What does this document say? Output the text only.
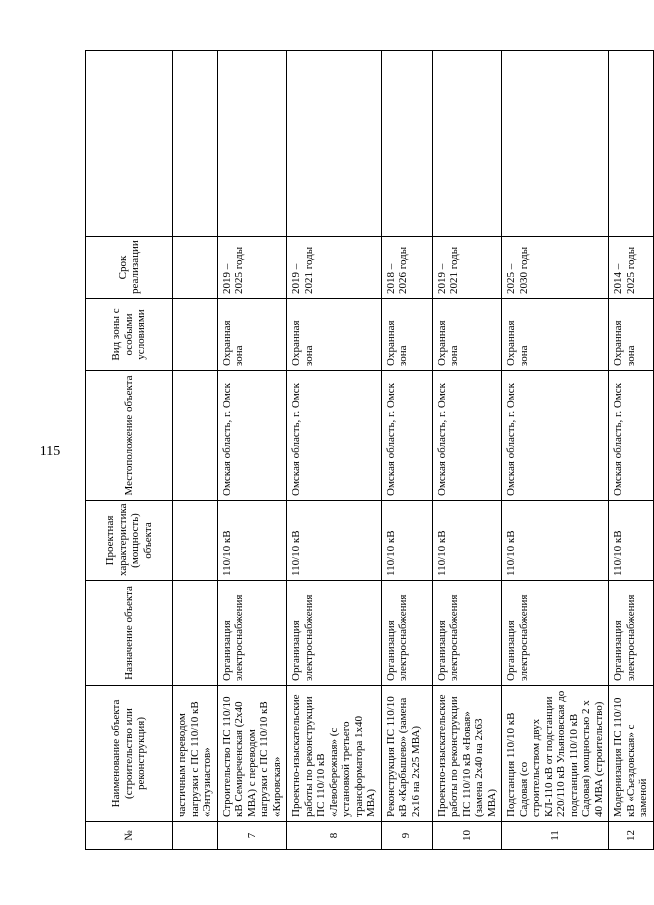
115
№	Наименование объекта (строительство или реконструкция)	Назначение объекта	Проектная характеристика (мощность) объекта	Местоположение объекта	Вид зоны с особыми условиями	Срок реализации	
	частичным переводом нагрузки с ПС 110/10 кВ «Энтузиастов»						
7	Строительство ПС 110/10 кВ Семиреченская (2х40 МВА) с переводом нагрузки с ПС 110/10 кВ «Кировская»	Организация электроснабжения	110/10 кВ	Омская область, г. Омск	Охранная зона	2019 – 2025 годы	
8	Проектно-изыскательские работы по реконструкции ПС 110/10 кВ «Левобережная» (с установкой третьего трансформатора 1х40 МВА)	Организация электроснабжения	110/10 кВ	Омская область, г. Омск	Охранная зона	2019 – 2021 годы	
9	Реконструкция ПС 110/10 кВ «Карбышево» (замена 2х16 на 2х25 МВА)	Организация электроснабжения	110/10 кВ	Омская область, г. Омск	Охранная зона	2018 – 2026 годы	
10	Проектно-изыскательские работы по реконструкции ПС 110/10 кВ «Новая» (замена 2х40 на 2х63 МВА)	Организация электроснабжения	110/10 кВ	Омская область, г. Омск	Охранная зона	2019 – 2021 годы	
11	Подстанция 110/10 кВ Садовая (со строительством двух КЛ-110 кВ от подстанции 220/110 кВ Ульяновская до подстанции 110/10 кВ Садовая) мощностью 2 х 40 МВА (строительство)	Организация электроснабжения	110/10 кВ	Омская область, г. Омск	Охранная зона	2025 – 2030 годы	
12	Модернизация ПС 110/10 кВ «Съездовская» с заменой	Организация электроснабжения	110/10 кВ	Омская область, г. Омск	Охранная зона	2014 – 2025 годы	
